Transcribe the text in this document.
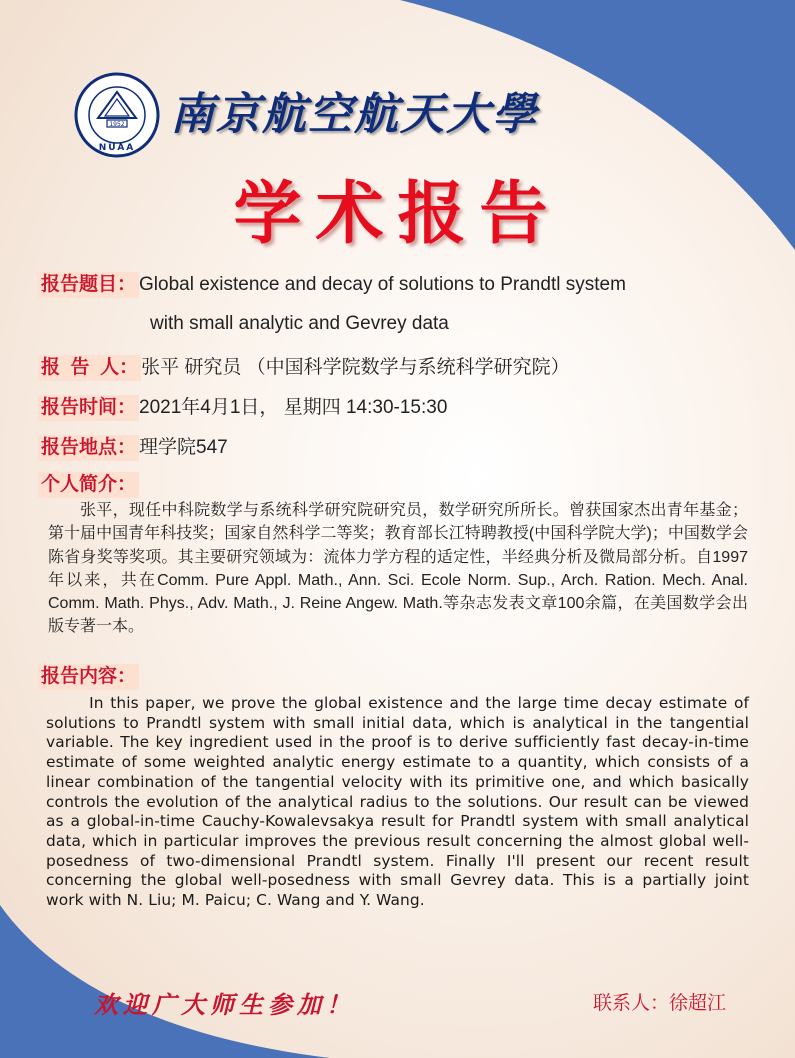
1952
NUAA
南京航空航天大學
学术报告
报告题目： Global existence and decay of solutions to Prandtl system
with small analytic and Gevrey data
报  告  人： 张平 研究员 （中国科学院数学与系统科学研究院）
报告时间： 2021年4月1日， 星期四 14:30-15:30
报告地点： 理学院547
个人简介：
张平，现任中科院数学与系统科学研究院研究员，数学研究所所长。曾获国家杰出青年基金；第十届中国青年科技奖；国家自然科学二等奖；教育部长江特聘教授(中国科学院大学)；中国数学会陈省身奖等奖项。其主要研究领域为：流体力学方程的适定性，半经典分析及微局部分析。自1997年以来，共在Comm. Pure Appl. Math., Ann. Sci. Ecole Norm. Sup., Arch. Ration. Mech. Anal. Comm. Math. Phys., Adv. Math., J. Reine Angew. Math.等杂志发表文章100余篇，在美国数学会出版专著一本。
报告内容：
In this paper, we prove the global existence and the large time decay estimate of solutions to Prandtl system with small initial data, which is analytical in the tangential variable. The key ingredient used in the proof is to derive sufficiently fast decay-in-time estimate of some weighted analytic energy estimate to a quantity, which consists of a linear combination of the tangential velocity with its primitive one, and which basically controls the evolution of the analytical radius to the solutions. Our result can be viewed as a global-in-time Cauchy-Kowalevsakya result for Prandtl system with small analytical data, which in particular improves the previous result concerning the almost global well-posedness of two-dimensional Prandtl system. Finally I'll present our recent result concerning the global well-posedness with small Gevrey data. This is a partially joint work with N. Liu; M. Paicu; C. Wang and Y. Wang.
欢迎广大师生参加！	联系人：徐超江
